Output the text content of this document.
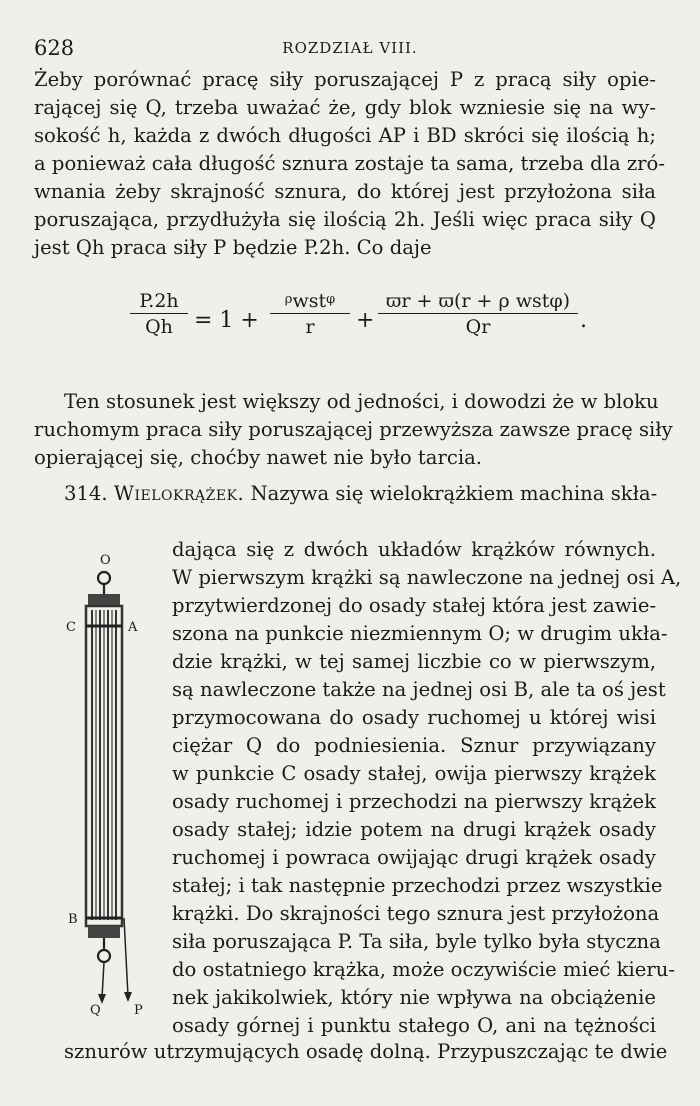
628	ROZDZIAŁ VIII.
Żeby porównać pracę siły poruszającej P z pracą siły opie-
rającej się Q, trzeba uważać że, gdy blok wzniesie się na wy-
sokość h, każda z dwóch długości AP i BD skróci się ilością h;
a ponieważ cała długość sznura zostaje ta sama, trzeba dla zró-
wnania żeby skrajność sznura, do której jest przyłożona siła
poruszająca, przydłużyła się ilością 2h. Jeśli więc praca siły Q
jest Qh praca siły P będzie P.2h. Co daje
P.2h
Qh = 1 +
$^\rho$wst$^\varphi$
r	+
ϖr + ϖ(r + ρ wstφ)
Qr	.
Ten stosunek jest większy od jedności, i dowodzi że w bloku
ruchomym praca siły poruszającej przewyższa zawsze pracę siły
opierającej się, choćby nawet nie było tarcia.
314. Wielokrążek. Nazywa się wielokrążkiem machina skła-
O
C	A
B
Q	P
dająca się z dwóch układów krążków równych.
W pierwszym krążki są nawleczone na jednej osi A,
przytwierdzonej do osady stałej która jest zawie-
szona na punkcie niezmiennym O; w drugim ukła-
dzie krążki, w tej samej liczbie co w pierwszym,
są nawleczone także na jednej osi B, ale ta oś jest
przymocowana do osady ruchomej u której wisi
ciężar Q do podniesienia. Sznur przywiązany
w punkcie C osady stałej, owija pierwszy krążek
osady ruchomej i przechodzi na pierwszy krążek
osady stałej; idzie potem na drugi krążek osady
ruchomej i powraca owijając drugi krążek osady
stałej; i tak następnie przechodzi przez wszystkie
krążki. Do skrajności tego sznura jest przyłożona
siła poruszająca P. Ta siła, byle tylko była styczna
do ostatniego krążka, może oczywiście mieć kieru-
nek jakikolwiek, który nie wpływa na obciążenie
osady górnej i punktu stałego O, ani na tężności
sznurów utrzymujących osadę dolną. Przypuszczając te dwie
